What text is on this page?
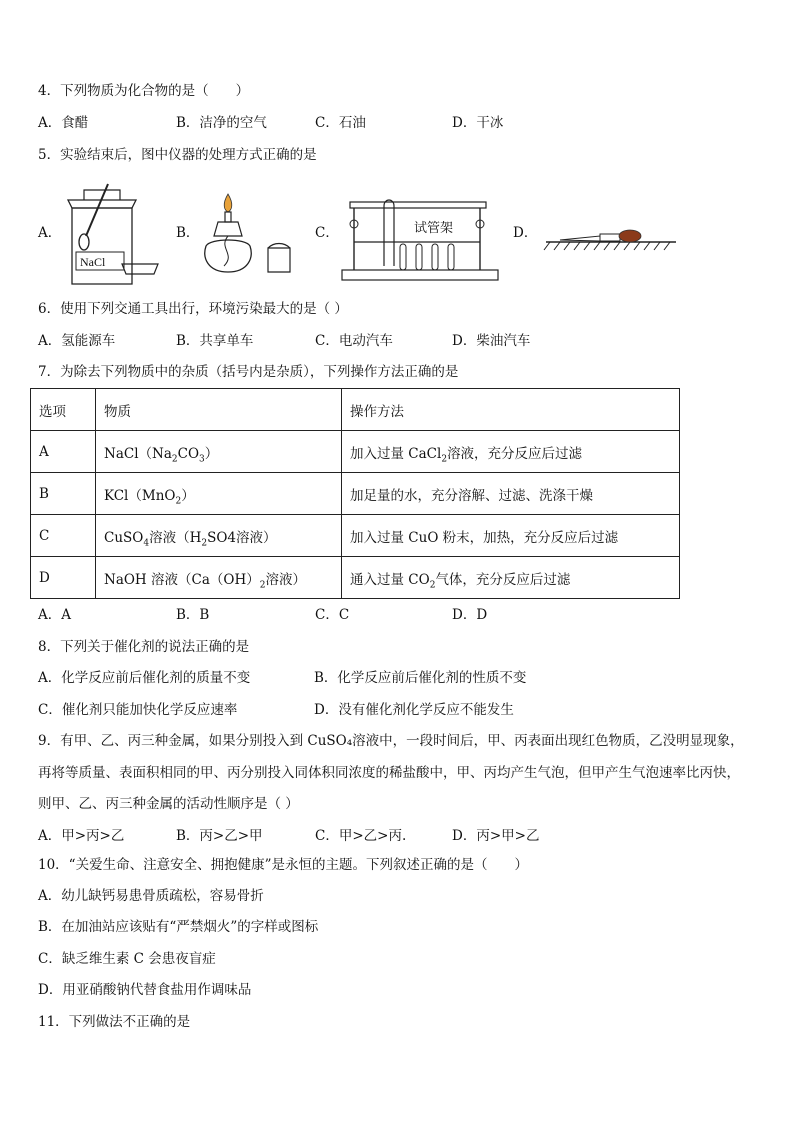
4．下列物质为化合物的是（　　）
A．食醋	B．洁净的空气	C．石油	D．干冰
5．实验结束后，图中仪器的处理方式正确的是
A．	B．	C．	D．
NaCl
试管架
6．使用下列交通工具出行，环境污染最大的是（ ）
A．氢能源车	B．共享单车	C．电动汽车	D．柴油汽车
7．为除去下列物质中的杂质（括号内是杂质），下列操作方法正确的是
选项	物质	操作方法
A	$NaCl(Na_2CO_3)$	加入过量 CaCl$_2$溶液，充分反应后过滤
B	KCl（MnO$_2$）	加足量的水，充分溶解、过滤、洗涤干燥
C	CuSO$_4$溶液（$H_2SO4$溶液）	加入过量 CuO 粉末，加热，充分反应后过滤
D	NaOH 溶液（$Ca(OH)_2$溶液）	通入过量 $CO_2$气体，充分反应后过滤
A．A	B．B	C．C	D．D
8．下列关于催化剂的说法正确的是
A．化学反应前后催化剂的质量不变	B．化学反应前后催化剂的性质不变
C．催化剂只能加快化学反应速率	D．没有催化剂化学反应不能发生
9．有甲、乙、丙三种金属，如果分别投入到 CuSO₄溶液中，一段时间后，甲、丙表面出现红色物质，乙没明显现象，
再将等质量、表面积相同的甲、丙分别投入同体积同浓度的稀盐酸中，甲、丙均产生气泡，但甲产生气泡速率比丙快，
则甲、乙、丙三种金属的活动性顺序是（ ）
A．甲>丙>乙	B．丙>乙>甲	C．甲>乙>丙.	D．丙>甲>乙
10．“关爱生命、注意安全、拥抱健康”是永恒的主题。下列叙述正确的是（　　）
A．幼儿缺钙易患骨质疏松，容易骨折
B．在加油站应该贴有“严禁烟火”的字样或图标
C．缺乏维生素 C 会患夜盲症
D．用亚硝酸钠代替食盐用作调味品
11．下列做法不正确的是
